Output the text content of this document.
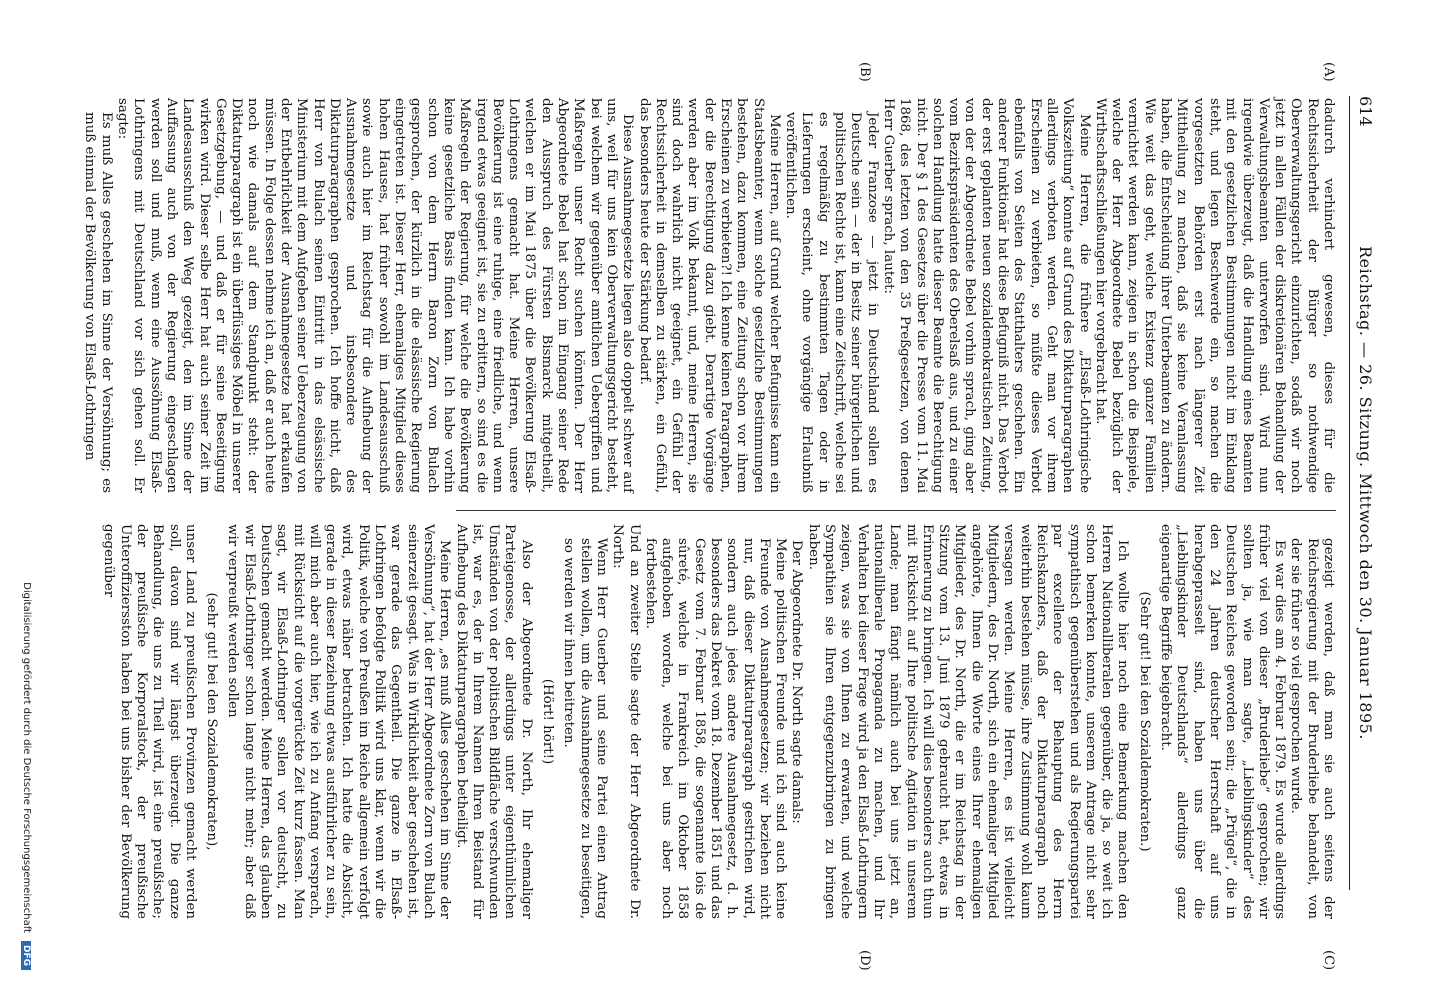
614
Reichstag. — 26. Sitzung. Mittwoch den 30. Januar 1895.
(A)
(B)
(C)
(D)

dadurch verhindert gewesen, dieses für die Rechtssicherheit der Bürger so nothwendige Oberverwaltungsgericht einzurichten, sodaß wir noch jetzt in allen Fällen der diskretionären Behandlung der Verwaltungsbeamten unterworfen sind. Wird nun irgendwie überzeugt, daß die Handlung eines Beamten mit den gesetzlichen Bestimmungen nicht im Einklang steht, und legen Beschwerde ein, so machen die vorgesetzten Behörden erst nach längerer Zeit Mittheilung zu machen, daß sie keine Veranlassung haben, die Entscheidung ihrer Unterbeamten zu ändern. Wie weit das geht, welche Existenz ganzer Familien vernichtet werden kann, zeigen in schon die Beispiele, welche der Herr Abgeordnete Bebel bezüglich der Wirthschaftsschließungen hier vorgebracht hat.

Meine Herren, die frühere „Elsaß-Lothringische Volkszeitung“ konnte auf Grund des Diktaturparagraphen allerdings verboten werden. Geht man vor ihrem Erscheinen zu verbieten, so müßte dieses Verbot ebenfalls von Seiten des Statthalters geschehen. Ein anderer Funktionär hat diese Befugniß nicht. Das Verbot der erst geplanten neuen sozialdemokratischen Zeitung, von der der Abgeordnete Bebel vorhin sprach, ging aber vom Bezirkspräsidenten des Oberelsaß aus, und zu einer solchen Handlung hatte dieser Beamte die Berechtigung nicht. Der § 1 des Gesetzes über die Presse vom 11. Mai 1868, des letzten von den 35 Preßgesetzen, von denen Herr Guerber sprach, lautet:

Jeder Franzose — jetzt in Deutschland sollen es Deutsche sein — der in Besitz seiner bürgerlichen und politischen Rechte ist, kann eine Zeitschrift, welche sei es regelmäßig zu bestimmten Tagen oder in Lieferungen erscheint, ohne vorgängige Erlaubniß veröffentlichen.

Meine Herren, auf Grund welcher Befugnisse kann ein Staatsbeamter, wenn solche gesetzliche Bestimmungen bestehen, dazu kommen, eine Zeitung schon vor ihrem Erscheinen zu verbieten?! Ich kenne keinen Paragraphen, der die Berechtigung dazu giebt. Derartige Vorgänge werden aber im Volk bekannt, und, meine Herren, sie sind doch wahrlich nicht geeignet, ein Gefühl der Rechtssicherheit in demselben zu stärken, ein Gefühl, das besonders heute der Stärkung bedarf.

Diese Ausnahmegesetze liegen also doppelt schwer auf uns, weil für uns kein Oberverwaltungsgericht besteht, bei welchem wir gegenüber amtlichen Uebergriffen und Maßregeln unser Recht suchen könnten. Der Herr Abgeordnete Bebel hat schon im Eingang seiner Rede den Ausspruch des Fürsten Bismarck mitgetheilt, welchen er im Mai 1875 über die Bevölkerung Elsaß-Lothringens gemacht hat. Meine Herren, unsere Bevölkerung ist eine ruhige, eine friedliche, und wenn irgend etwas geeignet ist, sie zu erbittern, so sind es die Maßregeln der Regierung, für welche die Bevölkerung keine gesetzliche Basis finden kann. Ich habe vorhin schon von dem Herrn Baron Zorn von Bulach gesprochen, der kürzlich in die elsässische Regierung eingetreten ist. Dieser Herr, ehemaliges Mitglied dieses hohen Hauses, hat früher sowohl im Landesausschuß sowie auch hier im Reichstag für die Aufhebung der Ausnahmegesetze und insbesondere des Diktaturparagraphen gesprochen. Ich hoffe nicht, daß Herr von Bulach seinen Eintritt in das elsässische Ministerium mit dem Aufgeben seiner Ueberzeugung von der Entbehrlichkeit der Ausnahmegesetze hat erkaufen müssen. In Folge dessen nehme ich an, daß er auch heute noch wie damals auf dem Standpunkt steht: der Diktaturparagraph ist ein überflüssiges Möbel in unserer Gesetzgebung, — und daß er für seine Beseitigung wirken wird. Dieser selbe Herr hat auch seiner Zeit im Landesausschuß den Weg gezeigt, den im Sinne der Auffassung auch von der Regierung eingeschlagen werden soll und muß, wenn eine Aussöhnung Elsaß-Lothringens mit Deutschland vor sich gehen soll. Er sagte:

Es muß Alles geschehen im Sinne der Versöhnung; es muß einmal der Bevölkerung von Elsaß-Lothringen

gezeigt werden, daß man sie auch seitens der Reichsregierung mit der Bruderliebe behandelt, von der sie früher so viel gesprochen wurde.

Es war dies am 4. Februar 1879. Es wurde allerdings früher viel von dieser „Bruderliebe“ gesprochen; wir sollten ja, wie man sagte, „Lieblingskinder“ des Deutschen Reiches geworden sein; die „Prügel“, die in den 24 Jahren deutscher Herrschaft auf uns herabgeprasselt sind, haben uns über die „Lieblingskinder Deutschlands“ allerdings ganz eigenartige Begriffe beigebracht.

(Sehr gut! bei den Sozialdemokraten.)

Ich wollte hier noch eine Bemerkung machen den Herren Nationalliberalen gegenüber, die ja, so weit ich schon bemerken konnte, unserem Antrage nicht sehr sympathisch gegenüberstehen und als Regierungspartei par excellence der Behauptung des Herrn Reichskanzlers, daß der Diktaturparagraph noch weiterhin bestehen müsse, ihre Zustimmung wohl kaum versagen werden. Meine Herren, es ist vielleicht Mitgliedern, des Dr. North, sich ein ehemaliger Mitglied angehörte, Ihnen die Worte eines Ihrer ehemaligen Mitglieder, des Dr. North, die er im Reichstag in der Sitzung vom 13. Juni 1879 gebraucht hat, etwas in Erinnerung zu bringen. Ich will dies besonders auch thun mit Rücksicht auf Ihre politische Agitation in unserem Lande; man fängt nämlich auch bei uns jetzt an, nationalliberale Propaganda zu machen, und Ihr Verhalten bei dieser Frage wird ja den Elsaß-Lothringern zeigen, was sie von Ihnen zu erwarten, und welche Sympathien sie Ihren entgegenzubringen zu bringen haben.

Der Abgeordnete Dr. North sagte damals:

Meine politischen Freunde und ich sind auch keine Freunde von Ausnahmegesetzen; wir beziehen nicht nur, daß dieser Diktaturparagraph gestrichen wird, sondern auch jedes andere Ausnahmegesetz, d. h. besonders das Dekret vom 18. Dezember 1851 und das Gesetz vom 7. Februar 1858, die sogenannte lois de sûreté, welche in Frankreich im Oktober 1858 aufgehoben worden, welche bei uns aber noch fortbestehen.

Und an zweiter Stelle sagte der Herr Abgeordnete Dr. North:

Wenn Herr Guerber und seine Partei einen Antrag stellen wollen, um die Ausnahmegesetze zu beseitigen, so werden wir ihnen beitreten.

(Hört! hört!)

Also der Abgeordnete Dr. North, Ihr ehemaliger Parteigenosse, der allerdings unter eigenthümlichen Umständen von der politischen Bildfläche verschwunden ist, war es, der in Ihrem Namen Ihren Beistand für Aufhebung des Diktaturparagraphen betheiligt.

Meine Herren, „es muß Alles geschehen im Sinne der Versöhnung“, hat der Herr Abgeordnete Zorn von Bulach seinerzeit gesagt. Was in Wirklichkeit aber geschehen ist, war gerade das Gegentheil. Die ganze in Elsaß-Lothringen befolgte Politik wird uns klar, wenn wir die Politik, welche von Preußen im Reiche allgemein verfolgt wird, etwas näher betrachten. Ich hatte die Absicht, gerade in dieser Beziehung etwas ausführlicher zu sein, will mich aber auch hier, wie ich zu Anfang versprach, mit Rücksicht auf die vorgerückte Zeit kurz fassen. Man sagt, wir Elsaß-Lothringer sollen vor deutscht, zu Deutschen gemacht werden. Meine Herren, das glauben wir Elsaß-Lothringer schon lange nicht mehr; aber daß wir verpreußt werden sollen

(sehr gut! bei den Sozialdemokraten),

unser Land zu preußischen Provinzen gemacht werden soll, davon sind wir längst überzeugt. Die ganze Behandlung, die uns zu Theil wird, ist eine preußische; der preußische Korporalstock, der preußische Unteroffiziersston haben bei uns bisher der Bevölkerung gegenüber

Digitalisierung gefördert durch die Deutsche ForschungsgemeinschaftDFG
